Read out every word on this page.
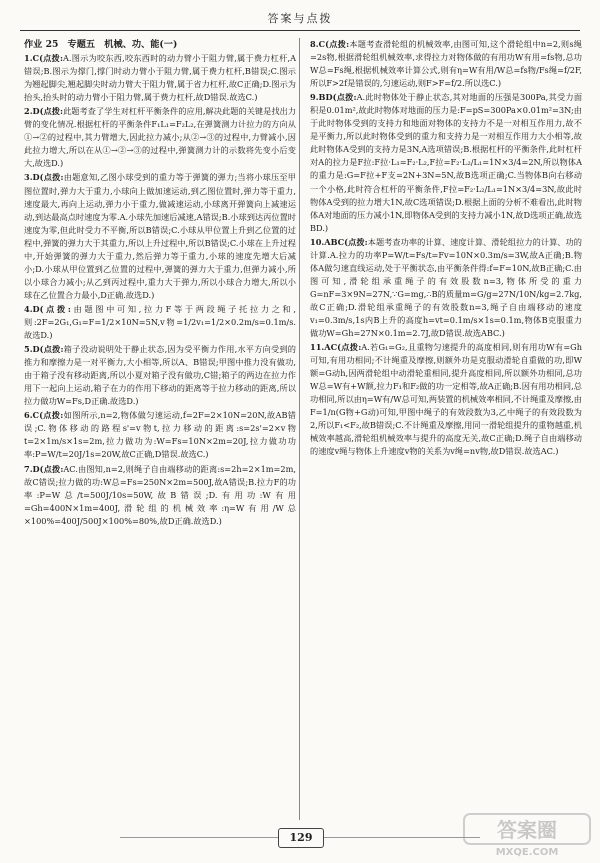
答案与点拨
作业 25　专题五　机械、功、能(一)
1.C(点拨:A.图示为咬东西,咬东西时的动力臂小于阻力臂,属于费力杠杆,A错误;B.图示为撑门,撑门时动力臂小于阻力臂,属于费力杠杆,B错误;C.图示为翘起脚尖,翘起脚尖时动力臂大于阻力臂,属于省力杠杆,故C正确;D.图示为抬头,抬头时的动力臂小于阻力臂,属于费力杠杆,故D错误.故选C.)
2.D(点拨:此题考查了学生对杠杆平衡条件的应用,解决此题的关键是找出力臂的变化情况.根据杠杆的平衡条件F₁L₁=F₂L₂,在弹簧测力计拉力的方向从①→②的过程中,其力臂增大,因此拉力减小;从②→③的过程中,力臂减小,因此拉力增大,所以在从①→②→③的过程中,弹簧测力计的示数将先变小后变大,故选D.)
3.D(点拨:由题意知,乙图小球受到的重力等于弹簧的弹力;当将小球压至甲图位置时,弹力大于重力,小球向上做加速运动,到乙图位置时,弹力等于重力,速度最大,再向上运动,弹力小于重力,做减速运动,小球离开弹簧向上减速运动,到达最高点时速度为零.A.小球先加速后减速,A错误;B.小球到达丙位置时速度为零,但此时受力不平衡,所以B错误;C.小球从甲位置上升到乙位置的过程中,弹簧的弹力大于其重力,所以上升过程中,所以B错误;C.小球在上升过程中,开始弹簧的弹力大于重力,然后弹力等于重力,小球的速度先增大后减小;D.小球从甲位置到乙位置的过程中,弹簧的弹力大于重力,但弹力减小,所以小球合力减小;从乙到丙过程中,重力大于弹力,所以小球合力增大,所以小球在乙位置合力最小,D正确.故选D.)
4.D(点拨:由题图中可知,拉力F等于两段绳子托拉力之和,则:2F=2G₁,G₁=F=1/2×10N=5N,v物=1/2v₁=1/2×0.2m/s=0.1m/s.故选D.)
5.D(点拨:箱子没动说明处于静止状态,因为受平衡力作用,水平方向受到的推力和摩擦力是一对平衡力,大小相等,所以A、B错误;甲图中推力没有做功,由于箱子没有移动距离,所以小夏对箱子没有做功,C错;箱子的两边在拉力作用下一起向上运动,箱子在力的作用下移动的距离等于拉力移动的距离,所以拉力做功W=Fs,D正确.故选D.)
6.C(点拨:如图所示,n=2,物体做匀速运动,f=2F=2×10N=20N,故AB错误;C.物体移动的路程s'=v物t,拉力移动的距离:s=2s'=2×v物t=2×1m/s×1s=2m,拉力做功为:W=Fs=10N×2m=20J,拉力做功功率:P=W/t=20J/1s=20W,故C正确,D错误.故选C.)
7.D(点拨:AC.由图知,n=2,则绳子自由端移动的距离:s=2h=2×1m=2m,故C错误;拉力做的功:W总=Fs=250N×2m=500J,故A错误;B.拉力F的功率:P=W总/t=500J/10s=50W,故B错误;D.有用功:W有用=Gh=400N×1m=400J,滑轮组的机械效率:η=W有用/W总×100%=400J/500J×100%=80%,故D正确.故选D.)
8.C(点拨:本题考查滑轮组的机械效率,由图可知,这个滑轮组中n=2,则s绳=2s物,根据滑轮组机械效率,求得拉力对物体做的有用功W有用=fs物,总功W总=Fs绳,根据机械效率计算公式,则有η=W有用/W总=fs物/Fs绳=f/2F,所以F>2f是错误的,匀速运动,则F>F=f/2.所以选C.)
9.BD(点拨:A.此时物体处于静止状态,其对地面的压强是300Pa,其受力面积是0.01m²,故此时物体对地面的压力是:F=pS=300Pa×0.01m²=3N;由于此时物体受到的支持力和地面对物体的支持力不是一对相互作用力,故不是平衡力,所以此时物体受到的重力和支持力是一对相互作用力大小相等,故此时物体A受到的支持力是3N,A选项错误;B.根据杠杆的平衡条件,此时杠杆对A的拉力是F拉:F拉·L₁=F₂·L₂,F拉=F₂·L₂/L₁=1N×3/4=2N,所以物体A的重力是:G=F拉+F支=2N+3N=5N,故B选项正确;C.当物体B向右移动一个小格,此时符合杠杆的平衡条件,F拉=F₂·L₂/L₁=1N×3/4=3N,故此时物体A受到的拉力增大1N,故C选项错误;D.根据上面的分析不难看出,此时物体A对地面的压力减小1N,即物体A受到的支持力减小1N,故D选项正确,故选BD.)
10.ABC(点拨:本题考查功率的计算、速度计算、滑轮组拉力的计算、功的计算.A.拉力的功率P=W/t=Fs/t=Fv=10N×0.3m/s=3W,故A正确;B.物体A做匀速直线运动,处于平衡状态,由平衡条件得:f=F=10N,故B正确;C.由图可知,滑轮组承重绳子的有效股数n=3,物体所受的重力G=nF=3×9N=27N,∵G=mg,∴B的质量m=G/g=27N/10N/kg=2.7kg,故C正确;D.滑轮组承重绳子的有效股数n=3,绳子自由端移动的速度v₁=0.3m/s,1s内B上升的高度h=vt=0.1m/s×1s=0.1m,物体B克服重力做功W=Gh=27N×0.1m=2.7J,故D错误.故选ABC.)
11.AC(点拨:A.若G₁=G₂,且重物匀速提升的高度相同,则有用功W有=Gh可知,有用功相同;不计绳重及摩擦,则额外功是克服动滑轮自重做的功,即W额=G动h,因两滑轮组中动滑轮重相同,提升高度相同,所以额外功相同,总功W总=W有+W额,拉力F₁和F₂做的功一定相等,故A正确;B.因有用功相同,总功相同,所以由η=W有/W总可知,两装置的机械效率相同,不计绳重及摩擦,由F=1/n(G物+G动)可知,甲图中绳子的有效段数为3,乙中绳子的有效段数为2,所以F₁<F₂,故B错误;C.不计绳重及摩擦,用同一滑轮组提升的重物越重,机械效率越高,滑轮组机械效率与提升的高度无关,故C正确;D.绳子自由端移动的速度v绳与物体上升速度v物的关系为v绳=nv物,故D错误.故选AC.)
129	答案圈
MXQE.COM
